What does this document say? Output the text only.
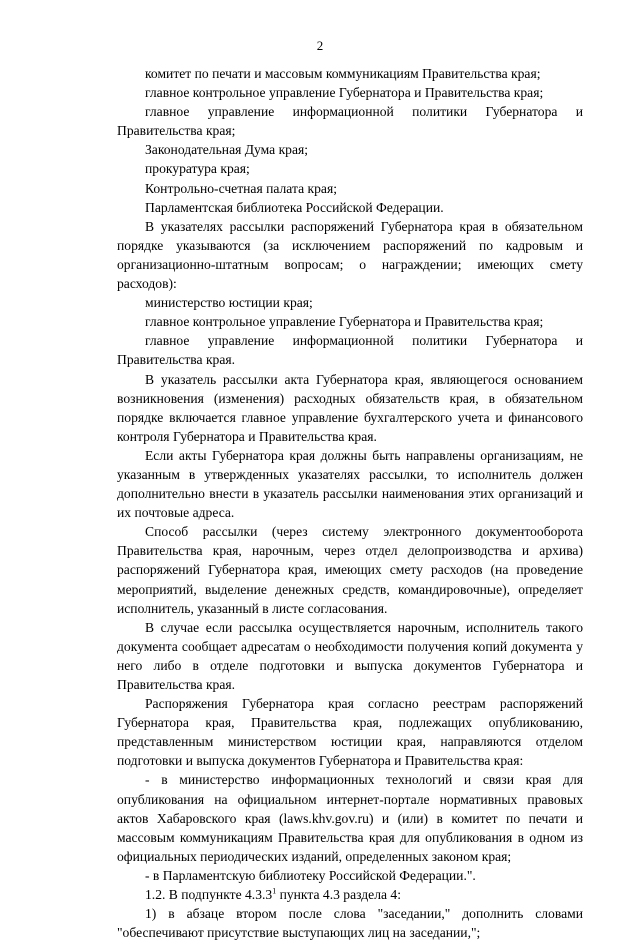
2

комитет по печати и массовым коммуникациям Правительства края;

главное контрольное управление Губернатора и Правительства края;

главное управление информационной политики Губернатора и Правительства края;

Законодательная Дума края;

прокуратура края;

Контрольно-счетная палата края;

Парламентская библиотека Российской Федерации.

В указателях рассылки распоряжений Губернатора края в обязательном порядке указываются (за исключением распоряжений по кадровым и организационно-штатным вопросам; о награждении; имеющих смету расходов):

министерство юстиции края;

главное контрольное управление Губернатора и Правительства края;

главное управление информационной политики Губернатора и Правительства края.

В указатель рассылки акта Губернатора края, являющегося основанием возникновения (изменения) расходных обязательств края, в обязательном порядке включается главное управление бухгалтерского учета и финансового контроля Губернатора и Правительства края.

Если акты Губернатора края должны быть направлены организациям, не указанным в утвержденных указателях рассылки, то исполнитель должен дополнительно внести в указатель рассылки наименования этих организаций и их почтовые адреса.

Способ рассылки (через систему электронного документооборота Правительства края, нарочным, через отдел делопроизводства и архива) распоряжений Губернатора края, имеющих смету расходов (на проведение мероприятий, выделение денежных средств, командировочные), определяет исполнитель, указанный в листе согласования.

В случае если рассылка осуществляется нарочным, исполнитель такого документа сообщает адресатам о необходимости получения копий документа у него либо в отделе подготовки и выпуска документов Губернатора и Правительства края.

Распоряжения Губернатора края согласно реестрам распоряжений Губернатора края, Правительства края, подлежащих опубликованию, представленным министерством юстиции края, направляются отделом подготовки и выпуска документов Губернатора и Правительства края:

- в министерство информационных технологий и связи края для опубликования на официальном интернет-портале нормативных правовых актов Хабаровского края (laws.khv.gov.ru) и (или) в комитет по печати и массовым коммуникациям Правительства края для опубликования в одном из официальных периодических изданий, определенных законом края;

- в Парламентскую библиотеку Российской Федерации.".

1.2. В подпункте 4.3.3$^1$ пункта 4.3 раздела 4:

1) в абзаце втором после слова "заседании," дополнить словами "обеспечивают присутствие выступающих лиц на заседании,";
